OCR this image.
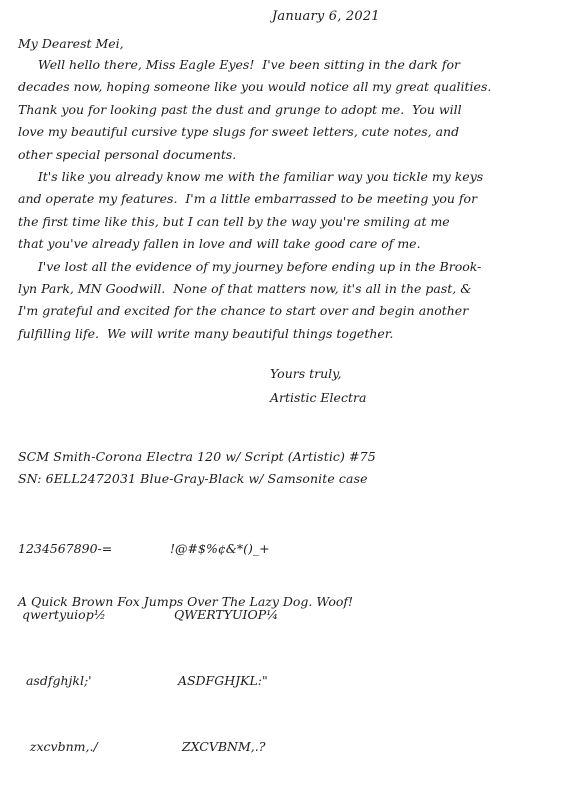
January 6, 2021
My Dearest Mei,
Well hello there, Miss Eagle Eyes!  I've been sitting in the dark for
decades now, hoping someone like you would notice all my great qualities.
Thank you for looking past the dust and grunge to adopt me.  You will
love my beautiful cursive type slugs for sweet letters, cute notes, and
other special personal documents.
It's like you already know me with the familiar way you tickle my keys
and operate my features.  I'm a little embarrassed to be meeting you for
the first time like this, but I can tell by the way you're smiling at me
that you've already fallen in love and will take good care of me.
I've lost all the evidence of my journey before ending up in the Brook-
lyn Park, MN Goodwill.  None of that matters now, it's all in the past, &
I'm grateful and excited for the chance to start over and begin another
fulfilling life.  We will write many beautiful things together.
Yours truly,
Artistic Electra
SCM Smith-Corona Electra 120 w/ Script (Artistic) #75
SN: 6ELL2472031 Blue-Gray-Black w/ Samsonite case

1234567890-=

qwertyuiop½

asdfghjkl;'

zxcvbnm,./

!@#$%¢&*()_+

QWERTYUIOP¼

ASDFGHJKL:"

ZXCVBNM,.?

A Quick Brown Fox Jumps Over The Lazy Dog. Woof!
